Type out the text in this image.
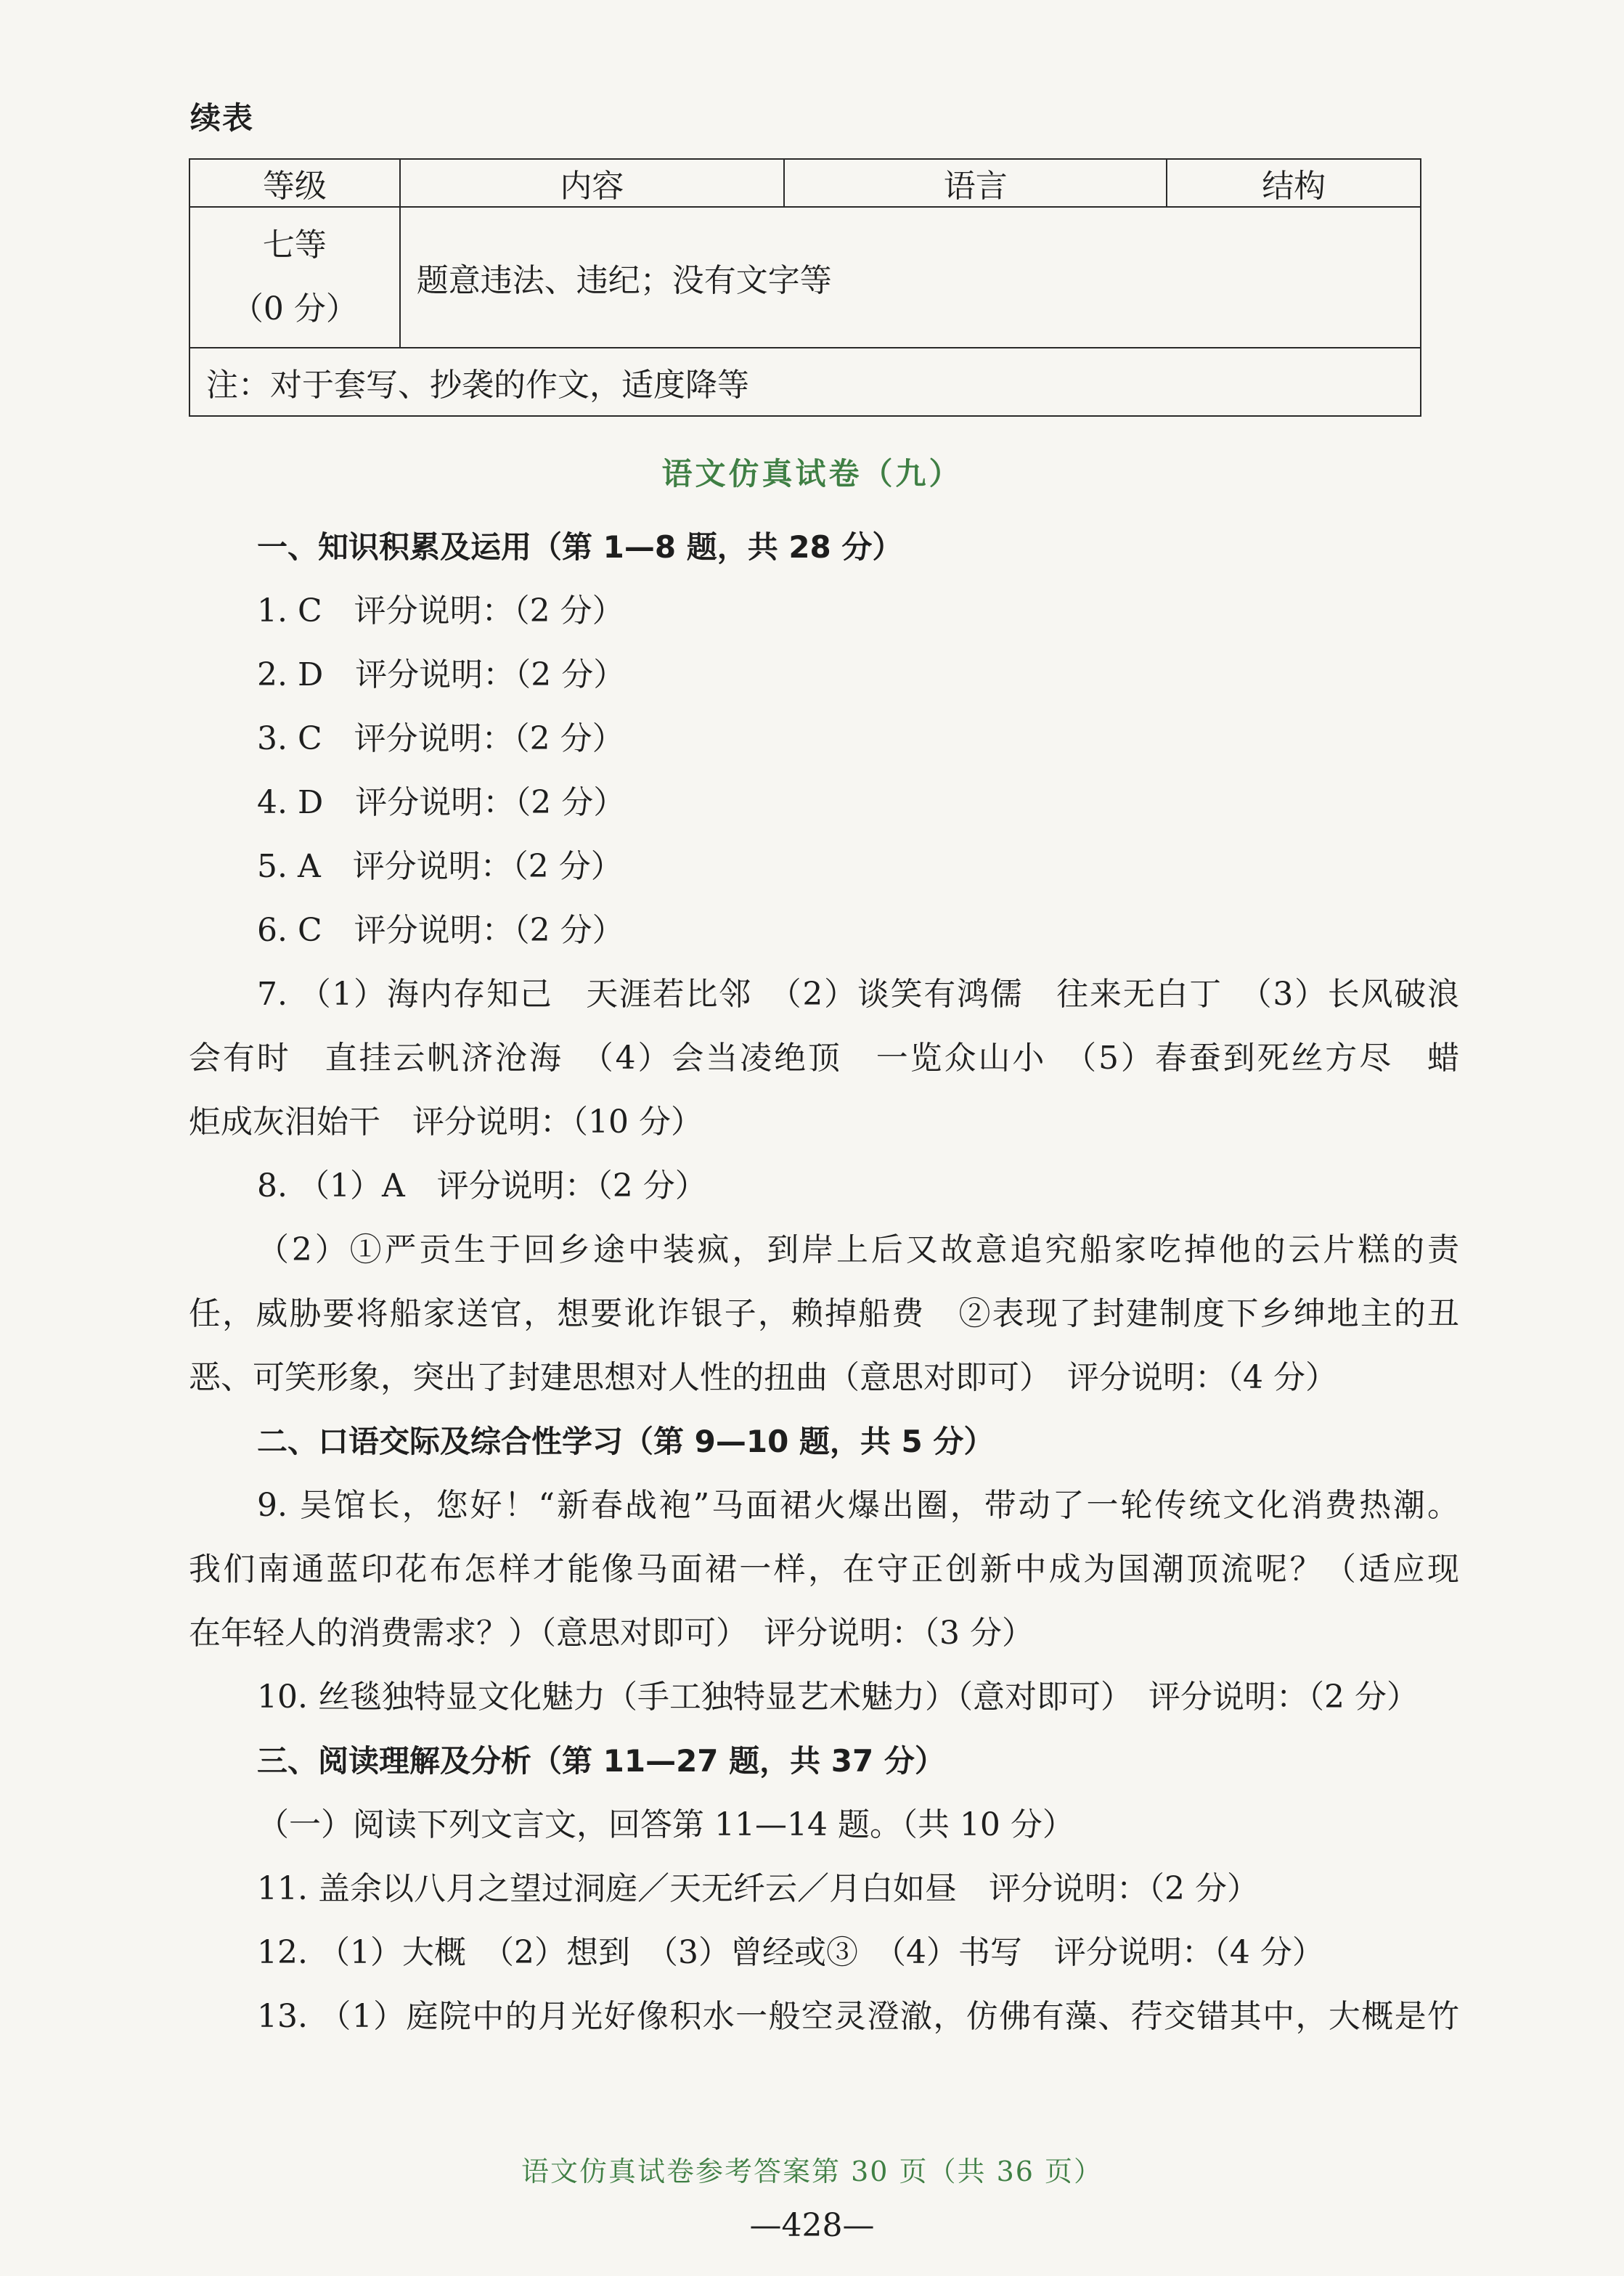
续表
等级	内容	语言	结构

七等
（0 分）	题意违法、违纪；没有文字等		
注：对于套写、抄袭的作文，适度降等			
语文仿真试卷（九）
一、知识积累及运用（第 1—8 题，共 28 分）
1. C　评分说明：（2 分）
2. D　评分说明：（2 分）
3. C　评分说明：（2 分）
4. D　评分说明：（2 分）
5. A　评分说明：（2 分）
6. C　评分说明：（2 分）
7. （1）海内存知己　天涯若比邻　（2）谈笑有鸿儒　往来无白丁　（3）长风破浪
会有时　直挂云帆济沧海　（4）会当凌绝顶　一览众山小　（5）春蚕到死丝方尽　蜡
炬成灰泪始干　评分说明：（10 分）
8. （1）A　评分说明：（2 分）
（2）①严贡生于回乡途中装疯，到岸上后又故意追究船家吃掉他的云片糕的责
任，威胁要将船家送官，想要讹诈银子，赖掉船费　②表现了封建制度下乡绅地主的丑
恶、可笑形象，突出了封建思想对人性的扭曲（意思对即可）　评分说明：（4 分）
二、口语交际及综合性学习（第 9—10 题，共 5 分）
9. 吴馆长，您好！“新春战袍”马面裙火爆出圈，带动了一轮传统文化消费热潮。
我们南通蓝印花布怎样才能像马面裙一样，在守正创新中成为国潮顶流呢？（适应现
在年轻人的消费需求？）（意思对即可）　评分说明：（3 分）
10. 丝毯独特显文化魅力（手工独特显艺术魅力）（意对即可）　评分说明：（2 分）
三、阅读理解及分析（第 11—27 题，共 37 分）
（一）阅读下列文言文，回答第 11—14 题。（共 10 分）
11. 盖余以八月之望过洞庭／天无纤云／月白如昼　评分说明：（2 分）
12. （1）大概　（2）想到　（3）曾经或③　（4）书写　评分说明：（4 分）
13. （1）庭院中的月光好像积水一般空灵澄澈，仿佛有藻、荇交错其中，大概是竹
语文仿真试卷参考答案第 30 页（共 36 页）
—428—
